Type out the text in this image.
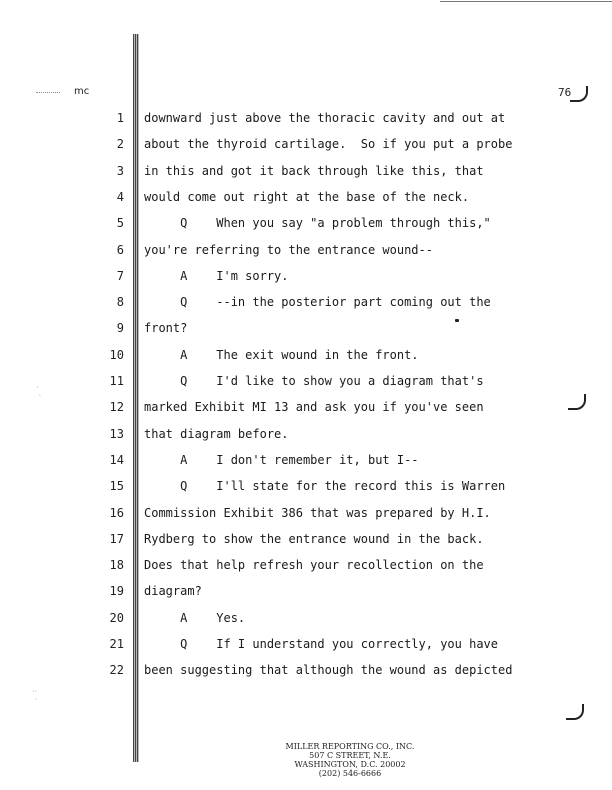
mc	76
⋅
⋅
⋅⋅
⋅
1 downward just above the thoracic cavity and out at
2 about the thyroid cartilage.  So if you put a probe
3 in this and got it back through like this, that
4 would come out right at the base of the neck.
5 Q    When you say "a problem through this,"
6 you're referring to the entrance wound--
7 A    I'm sorry.
8 Q    --in the posterior part coming out the
9 front?
10 A    The exit wound in the front.
11 Q    I'd like to show you a diagram that's
12 marked Exhibit MI 13 and ask you if you've seen
13 that diagram before.
14 A    I don't remember it, but I--
15 Q    I'll state for the record this is Warren
16 Commission Exhibit 386 that was prepared by H.I.
17 Rydberg to show the entrance wound in the back.
18 Does that help refresh your recollection on the
19 diagram?
20 A    Yes.
21 Q    If I understand you correctly, you have
22 been suggesting that although the wound as depicted
MILLER REPORTING CO., INC.
507 C STREET, N.E.
WASHINGTON, D.C. 20002
(202) 546-6666
